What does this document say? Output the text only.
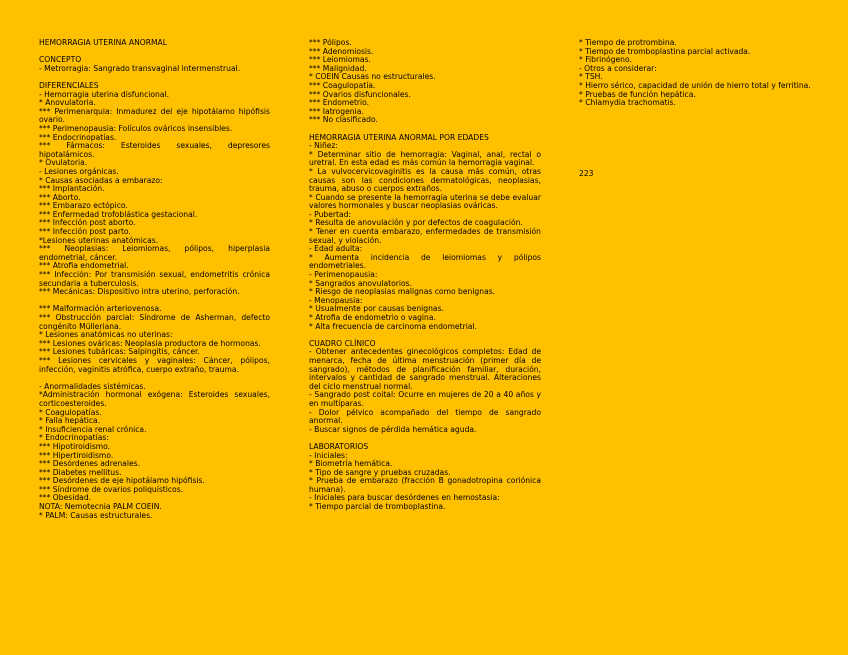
HEMORRAGIA UTERINA ANORMAL
CONCEPTO
- Metrorragia: Sangrado transvaginal intermenstrual.
DIFERENCIALES
- Hemorragia uterina disfuncional.
* Anovulatoria.
*** Perimenarquia: Inmadurez del eje hipotálamo hipófisis ovario.
*** Perimenopausia: Folículos ováricos insensibles.
*** Endocrinopatías.
*** Fármacos: Esteroides sexuales, depresores hipotalámicos.
* Ovulatoria.
- Lesiones orgánicas.
* Causas asociadas a embarazo:
*** Implantación.
*** Aborto.
*** Embarazo ectópico.
*** Enfermedad trofoblástica gestacional.
*** Infección post aborto.
*** Infección post parto.
*Lesiones uterinas anatómicas.
*** Neoplasias: Leiomiomas, pólipos, hiperplasia endometrial, cáncer.
*** Atrofia endometrial.
*** Infección: Por transmisión sexual, endometritis crónica secundaria a tuberculosis.
*** Mecánicas: Dispositivo intra uterino, perforación.
*** Malformación arteriovenosa.
*** Obstrucción parcial: Síndrome de Asherman, defecto congénito Mülleriana.
* Lesiones anatómicas no uterinas:
*** Lesiones ováricas: Neoplasia productora de hormonas.
*** Lesiones tubáricas: Salpingitis, cáncer.
*** Lesiones cervicales y vaginales: Cáncer, pólipos, infección, vaginitis atrófica, cuerpo extraño, trauma.
- Anormalidades sistémicas.
*Administración hormonal exógena: Esteroides sexuales, corticoesteroides.
* Coagulopatías.
* Falla hepática.
* Insuficiencia renal crónica.
* Endocrinopatías:
*** Hipotiroidismo.
*** Hipertiroidismo.
*** Desórdenes adrenales.
*** Diabetes mellitus.
*** Desórdenes de eje hipotálamo hipófisis.
*** Síndrome de ovarios poliquísticos.
*** Obesidad.
NOTA: Nemotecnia PALM COEIN.
* PALM: Causas estructurales.
*** Pólipos.
*** Adenomiosis.
*** Leiomiomas.
*** Malignidad.
* COEIN Causas no estructurales.
*** Coagulopatía.
*** Ovarios disfuncionales.
*** Endometrio.
*** Iatrogenia.
*** No clasificado.
HEMORRAGIA UTERINA ANORMAL POR EDADES
- Niñez:
* Determinar sitio de hemorragia: Vaginal, anal, rectal o uretral. En esta edad es más común la hemorragia vaginal.
* La vulvocervicovaginitis es la causa más común, otras causas son las condiciones dermatológicas, neoplasias, trauma, abuso o cuerpos extraños.
* Cuando se presente la hemorragia uterina se debe evaluar valores hormonales y buscar neoplasias ováricas.
- Pubertad:
* Resulta de anovulación y por defectos de coagulación.
* Tener en cuenta embarazo, enfermedades de transmisión sexual, y violación.
- Edad adulta:
* Aumenta incidencia de leiomiomas y pólipos endometriales.
- Perimenopausia:
* Sangrados anovulatorios.
* Riesgo de neoplasias malignas como benignas.
- Menopausia:
* Usualmente por causas benignas.
* Atrofia de endometrio o vagina.
* Alta frecuencia de carcinoma endometrial.
CUADRO CLÍNICO
- Obtener antecedentes ginecológicos completos: Edad de menarca, fecha de última menstruación (primer día de sangrado), métodos de planificación familiar, duración, intervalos y cantidad de sangrado menstrual. Alteraciones del ciclo menstrual normal.
- Sangrado post coital: Ocurre en mujeres de 20 a 40 años y en multíparas.
- Dolor pélvico acompañado del tiempo de sangrado anormal.
- Buscar signos de pérdida hemática aguda.
LABORATORIOS
- Iniciales:
* Biometría hemática.
* Tipo de sangre y pruebas cruzadas.
* Prueba de embarazo (fracción B gonadotropina coriónica humana).
- Iniciales para buscar desórdenes en hemostasia:
* Tiempo parcial de tromboplastina.
* Tiempo de protrombina.
* Tiempo de tromboplastina parcial activada.
* Fibrinógeno.
- Otros a considerar:
* TSH.
* Hierro sérico, capacidad de unión de hierro total y ferritina.
* Pruebas de función hepática.
* Chlamydia trachomatis.
223
